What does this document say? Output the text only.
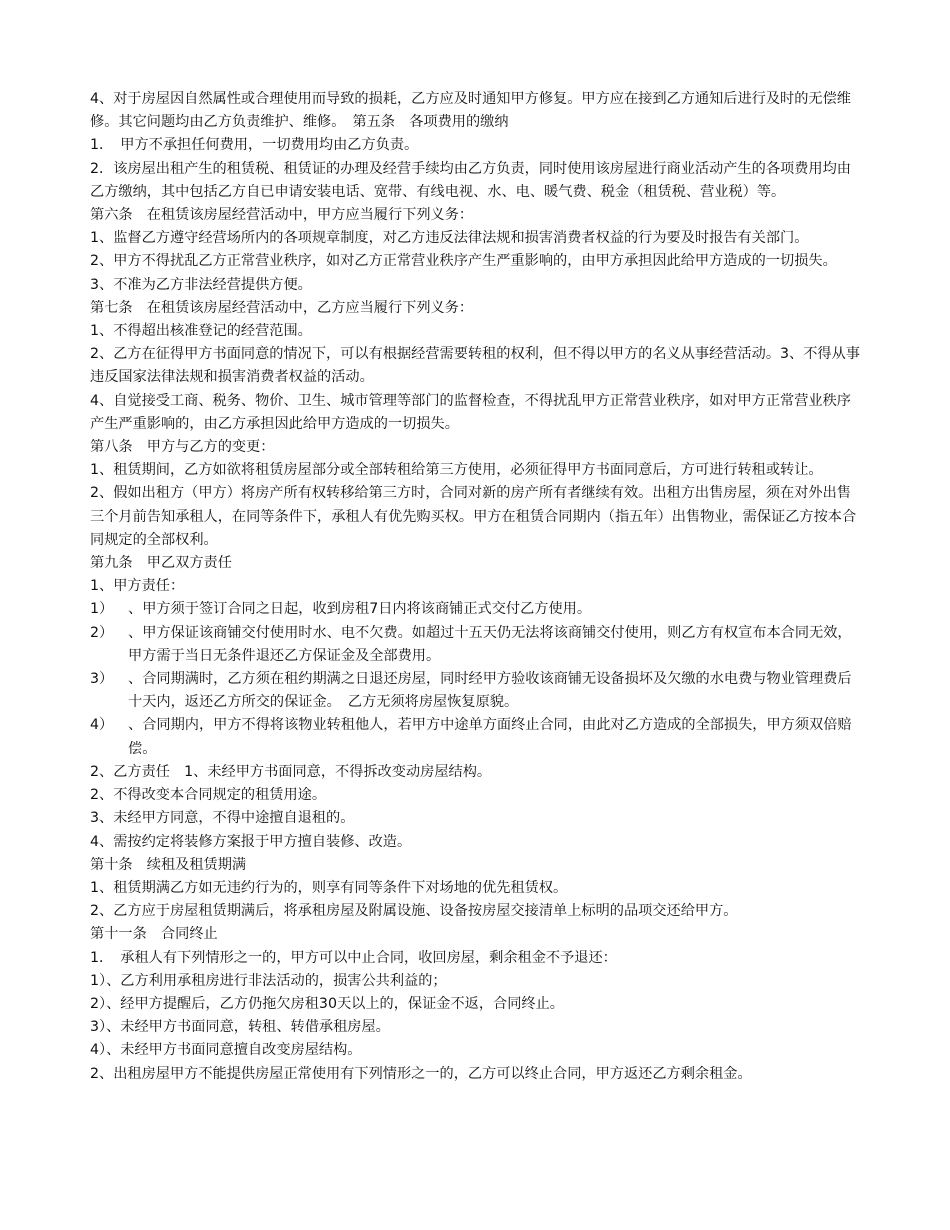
4、对于房屋因自然属性或合理使用而导致的损耗，乙方应及时通知甲方修复。甲方应在接到乙方通知后进行及时的无偿维修。其它问题均由乙方负责维护、维修。　第五条　各项费用的缴纳
1．　甲方不承担任何费用，一切费用均由乙方负责。
2．该房屋出租产生的租赁税、租赁证的办理及经营手续均由乙方负责，同时使用该房屋进行商业活动产生的各项费用均由乙方缴纳，其中包括乙方自已申请安装电话、宽带、有线电视、水、电、暖气费、税金（租赁税、营业税）等。
第六条　在租赁该房屋经营活动中，甲方应当履行下列义务：
1、监督乙方遵守经营场所内的各项规章制度，对乙方违反法律法规和损害消费者权益的行为要及时报告有关部门。
2、甲方不得扰乱乙方正常营业秩序，如对乙方正常营业秩序产生严重影响的，由甲方承担因此给甲方造成的一切损失。
3、不准为乙方非法经营提供方便。
第七条　在租赁该房屋经营活动中，乙方应当履行下列义务：
1、不得超出核准登记的经营范围。
2、乙方在征得甲方书面同意的情况下，可以有根据经营需要转租的权利，但不得以甲方的名义从事经营活动。3、不得从事违反国家法律法规和损害消费者权益的活动。
4、自觉接受工商、税务、物价、卫生、城市管理等部门的监督检查，不得扰乱甲方正常营业秩序，如对甲方正常营业秩序产生严重影响的，由乙方承担因此给甲方造成的一切损失。
第八条　甲方与乙方的变更：
1、租赁期间，乙方如欲将租赁房屋部分或全部转租给第三方使用，必须征得甲方书面同意后，方可进行转租或转让。
2、假如出租方（甲方）将房产所有权转移给第三方时，合同对新的房产所有者继续有效。出租方出售房屋，须在对外出售三个月前告知承租人，在同等条件下，承租人有优先购买权。甲方在租赁合同期内（指五年）出售物业，需保证乙方按本合同规定的全部权利。
第九条　甲乙双方责任
1、甲方责任：
1）	、甲方须于签订合同之日起，收到房租7日内将该商铺正式交付乙方使用。
2）	、甲方保证该商铺交付使用时水、电不欠费。如超过十五天仍无法将该商铺交付使用，则乙方有权宣布本合同无效，甲方需于当日无条件退还乙方保证金及全部费用。
3）	、合同期满时，乙方须在租约期满之日退还房屋，同时经甲方验收该商铺无设备损坏及欠缴的水电费与物业管理费后十天内，返还乙方所交的保证金。　乙方无须将房屋恢复原貌。
4）	、合同期内，甲方不得将该物业转租他人，若甲方中途单方面终止合同，由此对乙方造成的全部损失，甲方须双倍赔偿。
2、乙方责任　1、未经甲方书面同意，不得拆改变动房屋结构。
2、不得改变本合同规定的租赁用途。
3、未经甲方同意，不得中途擅自退租的。
4、需按约定将装修方案报于甲方擅自装修、改造。
第十条　续租及租赁期满
1、租赁期满乙方如无违约行为的，则享有同等条件下对场地的优先租赁权。
2、乙方应于房屋租赁期满后，将承租房屋及附属设施、设备按房屋交接清单上标明的品项交还给甲方。
第十一条　合同终止
1．　承租人有下列情形之一的，甲方可以中止合同，收回房屋，剩余租金不予退还：
1）、乙方利用承租房进行非法活动的，损害公共利益的；
2）、经甲方提醒后，乙方仍拖欠房租30天以上的，保证金不返，合同终止。
3）、未经甲方书面同意，转租、转借承租房屋。
4）、未经甲方书面同意擅自改变房屋结构。
2、出租房屋甲方不能提供房屋正常使用有下列情形之一的，乙方可以终止合同，甲方返还乙方剩余租金。
